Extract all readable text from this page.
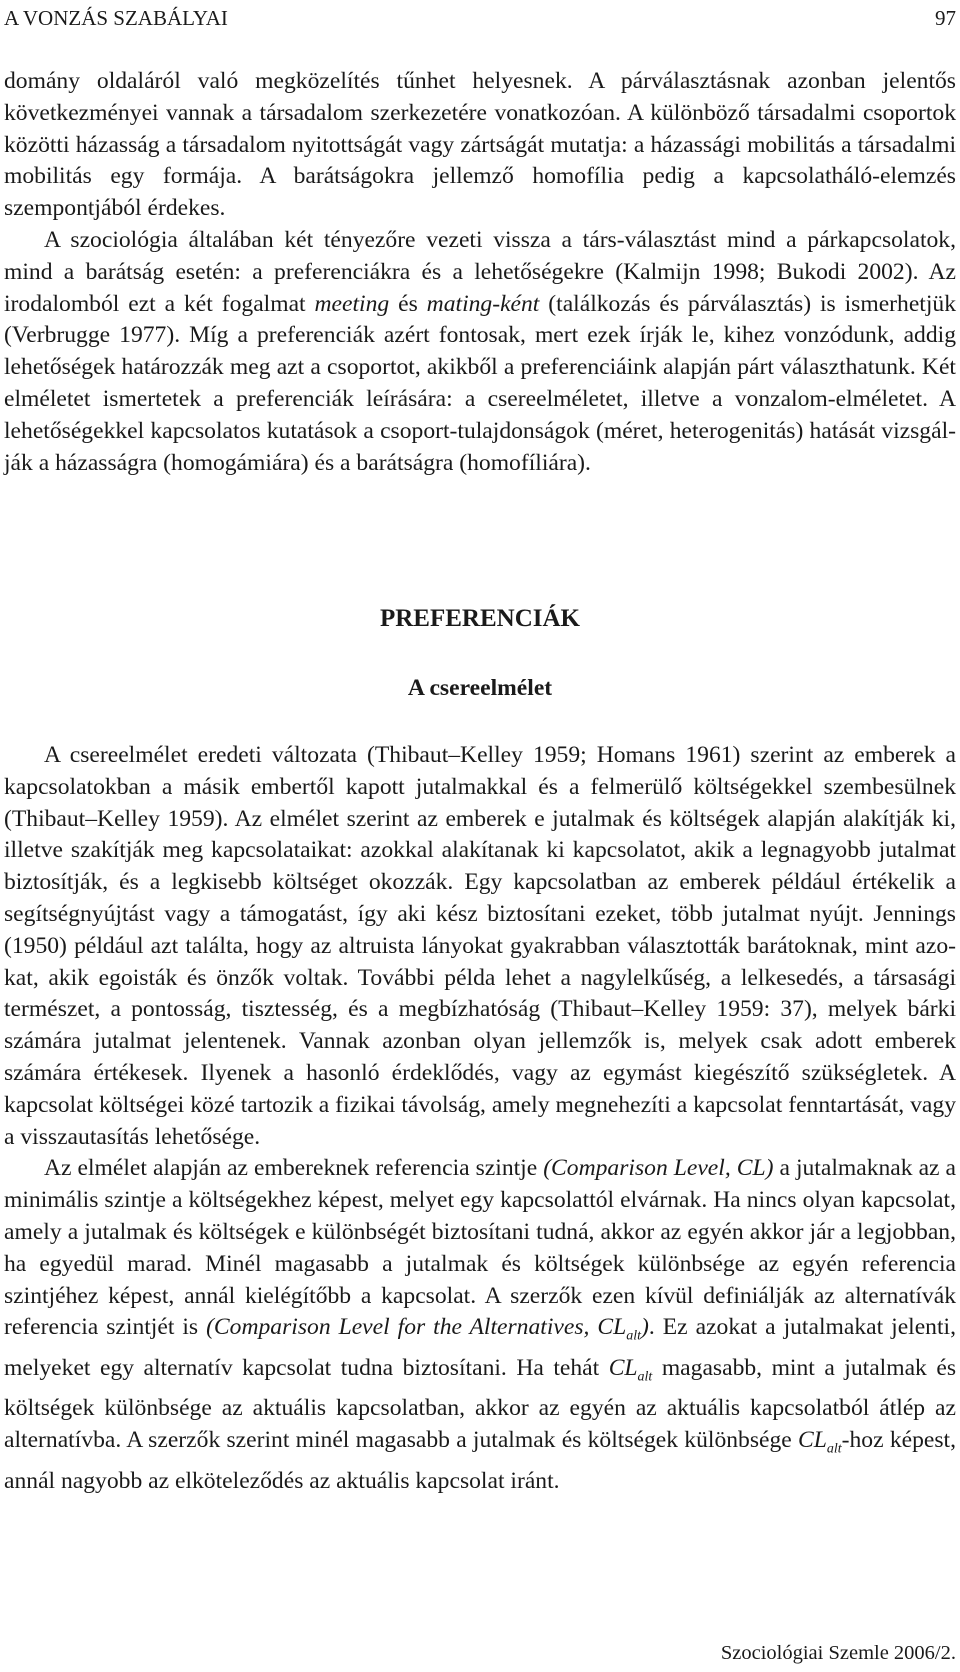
A VONZÁS SZABÁLYAI	97

domány oldaláról való megközelítés tűnhet helyesnek. A párválasztásnak azonban jelentős következményei vannak a társadalom szerkezetére vonatkozóan. A különböző társadalmi csoportok közötti házasság a társadalom nyitottságát vagy zártságát mutatja: a házassági mobilitás a társadalmi mobilitás egy formája. A barátságokra jellemző homofília pedig a kapcsolatháló-elemzés szempontjából érdekes.

A szociológia általában két tényezőre vezeti vissza a társ-választást mind a párkapcsolatok, mind a barátság esetén: a preferenciákra és a lehetőségekre (Kalmijn 1998; Bukodi 2002). Az irodalomból ezt a két fogalmat meeting és mating-ként (találkozás és párválasztás) is ismerhetjük (Verbrugge 1977). Míg a preferenciák azért fontosak, mert ezek írják le, kihez vonzódunk, addig lehetőségek határozzák meg azt a csoportot, akikből a preferenciáink alapján párt választhatunk. Két elméletet ismertetek a preferenciák leírására: a csereelméletet, illetve a vonzalom-elméletet. A lehetőségekkel kapcsolatos kutatások a csoport-tulajdonságok (méret, heterogenitás) hatását vizsgálják a házasságra (homogámiára) és a barátságra (homofíliára).

PREFERENCIÁK
A csereelmélet

A csereelmélet eredeti változata (Thibaut–Kelley 1959; Homans 1961) szerint az emberek a kapcsolatokban a másik embertől kapott jutalmakkal és a felmerülő költségekkel szembesülnek (Thibaut–Kelley 1959). Az elmélet szerint az emberek e jutalmak és költségek alapján alakítják ki, illetve szakítják meg kapcsolataikat: azokkal alakítanak ki kapcsolatot, akik a legnagyobb jutalmat biztosítják, és a legkisebb költséget okozzák. Egy kapcsolatban az emberek például értékelik a segítségnyújtást vagy a támogatást, így aki kész biztosítani ezeket, több jutalmat nyújt. Jennings (1950) például azt találta, hogy az altruista lányokat gyakrabban választották barátoknak, mint azokat, akik egoisták és önzők voltak. További példa lehet a nagylelkűség, a lelkesedés, a társasági természet, a pontosság, tisztesség, és a megbízhatóság (Thibaut–Kelley 1959: 37), melyek bárki számára jutalmat jelentenek. Vannak azonban olyan jellemzők is, melyek csak adott emberek számára értékesek. Ilyenek a hasonló érdeklődés, vagy az egymást kiegészítő szükségletek. A kapcsolat költségei közé tartozik a fizikai távolság, amely megnehezíti a kapcsolat fenntartását, vagy a visszautasítás lehetősége.

Az elmélet alapján az embereknek referencia szintje (Comparison Level, CL) a jutalmaknak az a minimális szintje a költségekhez képest, melyet egy kapcsolattól elvárnak. Ha nincs olyan kapcsolat, amely a jutalmak és költségek e különbségét biztosítani tudná, akkor az egyén akkor jár a legjobban, ha egyedül marad. Minél magasabb a jutalmak és költségek különbsége az egyén referencia szintjéhez képest, annál kielégítőbb a kapcsolat. A szerzők ezen kívül definiálják az alternatívák referencia szintjét is (Comparison Level for the Alternatives, $CL_{alt}$). Ez azokat a jutalmakat jelenti, melyeket egy alternatív kapcsolat tudna biztosítani. Ha tehát $CL_{alt}$ magasabb, mint a jutalmak és költségek különbsége az aktuális kapcsolatban, akkor az egyén az aktuális kapcsolatból átlép az alternatívba. A szerzők szerint minél magasabb a jutalmak és költségek különbsége $CL_{alt}$-hoz képest, annál nagyobb az elköteleződés az aktuális kapcsolat iránt.

Szociológiai Szemle 2006/2.
